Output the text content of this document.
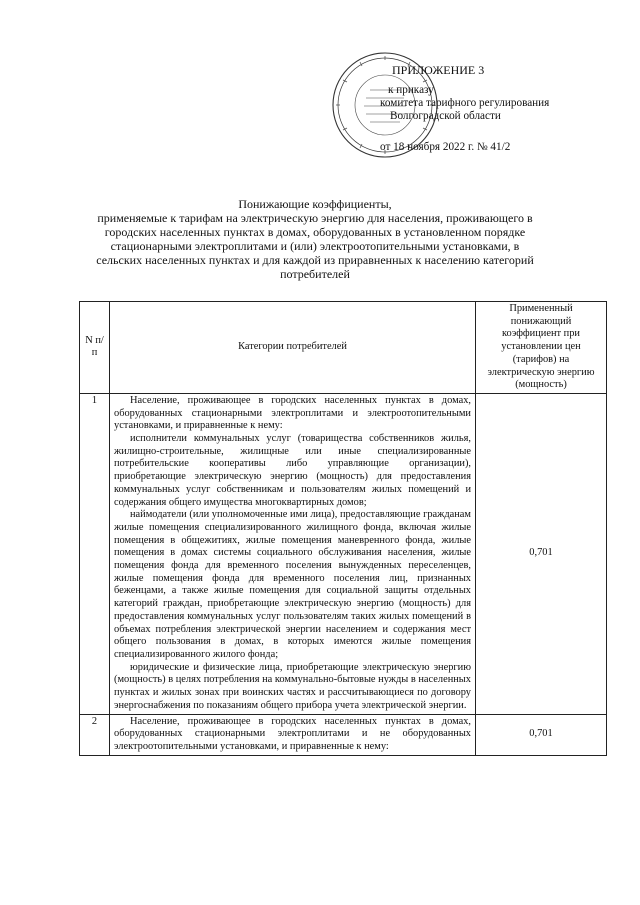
ПРИЛОЖЕНИЕ 3
к приказу
комитета тарифного регулирования
Волгоградской области
от 18 ноября 2022 г. № 41/2
Понижающие коэффициенты,
применяемые к тарифам на электрическую энергию для населения, проживающего в
городских населенных пунктах в домах, оборудованных в установленном порядке
стационарными электроплитами и (или) электроотопительными установками, в
сельских населенных пунктах и для каждой из приравненных к населению категорий
потребителей
N п/п	Категории потребителей	Примененный понижающий коэффициент при установлении цен (тарифов) на электрическую энергию (мощность)
1	Население, проживающее в городских населенных пунктах в домах, оборудованных стационарными электроплитами и электроотопительными установками, и приравненные к нему:

исполнители коммунальных услуг (товарищества собственников жилья, жилищно-строительные, жилищные или иные специализированные потребительские кооперативы либо управляющие организации), приобретающие электрическую энергию (мощность) для предоставления коммунальных услуг собственникам и пользователям жилых помещений и содержания общего имущества многоквартирных домов;

наймодатели (или уполномоченные ими лица), предоставляющие гражданам жилые помещения специализированного жилищного фонда, включая жилые помещения в общежитиях, жилые помещения маневренного фонда, жилые помещения в домах системы социального обслуживания населения, жилые помещения фонда для временного поселения вынужденных переселенцев, жилые помещения фонда для временного поселения лиц, признанных беженцами, а также жилые помещения для социальной защиты отдельных категорий граждан, приобретающие электрическую энергию (мощность) для предоставления коммунальных услуг пользователям таких жилых помещений в объемах потребления электрической энергии населением и содержания мест общего пользования в домах, в которых имеются жилые помещения специализированного жилого фонда;

юридические и физические лица, приобретающие электрическую энергию (мощность) в целях потребления на коммунально-бытовые нужды в населенных пунктах и жилых зонах при воинских частях и рассчитывающиеся по договору энергоснабжения по показаниям общего прибора учета электрической энергии.	0,701
2	Население, проживающее в городских населенных пунктах в домах, оборудованных стационарными электроплитами и не оборудованных электроотопительными установками, и приравненные к нему:	0,701
